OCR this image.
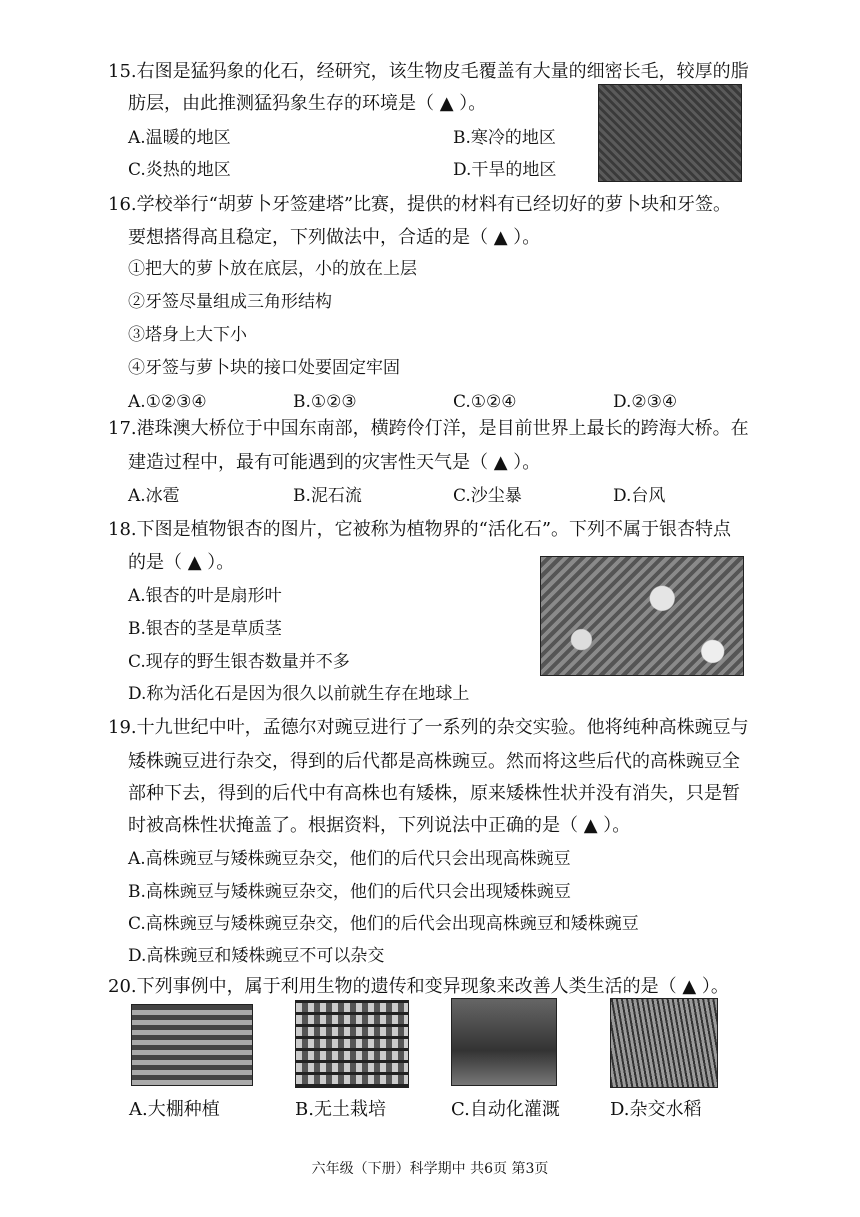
15.右图是猛犸象的化石，经研究，该生物皮毛覆盖有大量的细密长毛，较厚的脂
肪层，由此推测猛犸象生存的环境是（ ▲ ）。
A.温暖的地区	B.寒冷的地区
C.炎热的地区	D.干旱的地区
16.学校举行“胡萝卜牙签建塔”比赛，提供的材料有已经切好的萝卜块和牙签。
要想搭得高且稳定，下列做法中，合适的是（ ▲ ）。
①把大的萝卜放在底层，小的放在上层
②牙签尽量组成三角形结构
③塔身上大下小
④牙签与萝卜块的接口处要固定牢固
A.①②③④	B.①②③	C.①②④	D.②③④
17.港珠澳大桥位于中国东南部，横跨伶仃洋，是目前世界上最长的跨海大桥。在
建造过程中，最有可能遇到的灾害性天气是（ ▲ ）。
A.冰雹	B.泥石流	C.沙尘暴	D.台风
18.下图是植物银杏的图片，它被称为植物界的“活化石”。下列不属于银杏特点
的是（ ▲ ）。
A.银杏的叶是扇形叶
B.银杏的茎是草质茎
C.现存的野生银杏数量并不多
D.称为活化石是因为很久以前就生存在地球上
19.十九世纪中叶，孟德尔对豌豆进行了一系列的杂交实验。他将纯种高株豌豆与
矮株豌豆进行杂交，得到的后代都是高株豌豆。然而将这些后代的高株豌豆全
部种下去，得到的后代中有高株也有矮株，原来矮株性状并没有消失，只是暂
时被高株性状掩盖了。根据资料，下列说法中正确的是（ ▲ ）。
A.高株豌豆与矮株豌豆杂交，他们的后代只会出现高株豌豆
B.高株豌豆与矮株豌豆杂交，他们的后代只会出现矮株豌豆
C.高株豌豆与矮株豌豆杂交，他们的后代会出现高株豌豆和矮株豌豆
D.高株豌豆和矮株豌豆不可以杂交
20.下列事例中，属于利用生物的遗传和变异现象来改善人类生活的是（ ▲ ）。
A.大棚种植	B.无土栽培	C.自动化灌溉	D.杂交水稻
六年级（下册）科学期中 共6页 第3页
